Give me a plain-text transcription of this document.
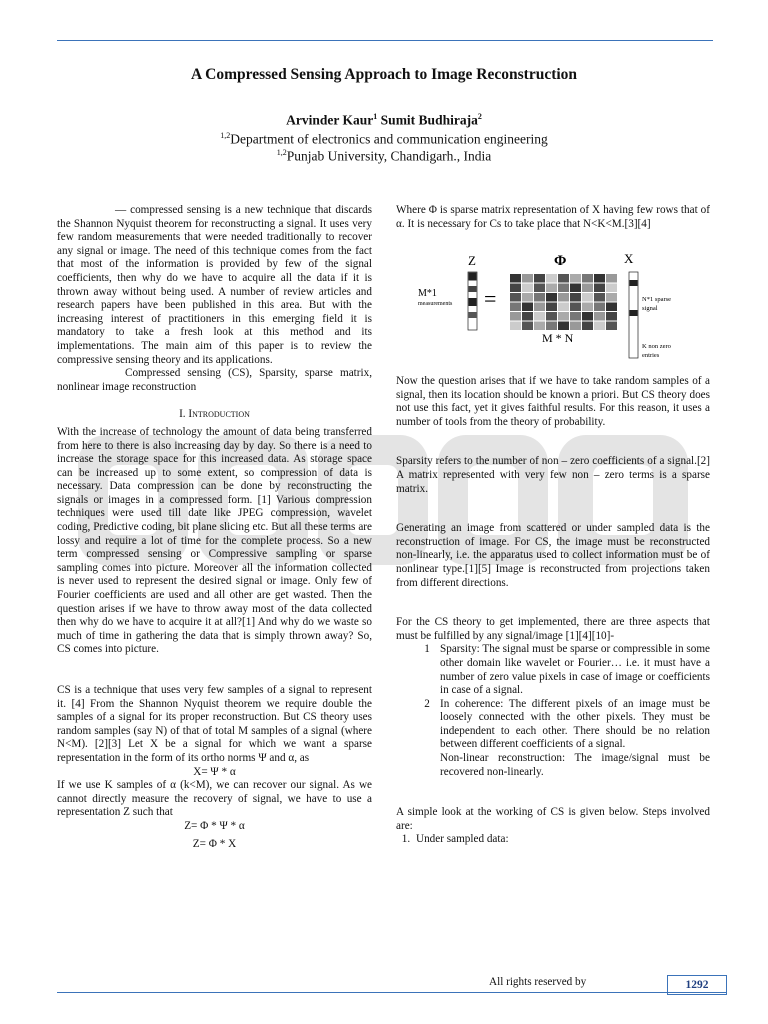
A Compressed Sensing Approach to Image Reconstruction
Arvinder Kaur$^1$ Sumit Budhiraja$^2$
$^{1,2}$Department of electronics and communication engineering
$^{1,2}$Punjab University, Chandigarh., India

— compressed sensing is a new technique that discards the Shannon Nyquist theorem for reconstructing a signal. It uses very few random measurements that were needed traditionally to recover any signal or image. The need of this technique comes from the fact that most of the information is provided by few of the signal coefficients, then why do we have to acquire all the data if it is thrown away without being used. A number of review articles and research papers have been published in this area. But with the increasing interest of practitioners in this emerging field it is mandatory to take a fresh look at this method and its implementations. The main aim of this paper is to review the compressive sensing theory and its applications.

Compressed sensing (CS), Sparsity, sparse matrix, nonlinear image reconstruction

I. Introduction

With the increase of technology the amount of data being transferred from here to there is also increasing day by day. So there is a need to increase the storage space for this increased data. As storage space can be increased up to some extent, so compression of data is necessary. Data compression can be done by reconstructing the signals or images in a compressed form. [1] Various compression techniques were used till date like JPEG compression, wavelet coding, Predictive coding, bit plane slicing etc. But all these terms are lossy and require a lot of time for the complete process. So a new term compressed sensing or Compressive sampling or sparse sampling comes into picture. Moreover all the information collected is never used to represent the desired signal or image. Only few of Fourier coefficients are used and all other are get wasted. Then the question arises if we have to throw away most of the data collected then why do we have to acquire it at all?[1] And why do we waste so much of time in gathering the data that is simply thrown away? So, CS comes into picture.

CS is a technique that uses very few samples of a signal to represent it. [4] From the Shannon Nyquist theorem we require double the samples of a signal for its proper reconstruction. But CS theory uses random samples (say N) of that of total M samples of a signal (where N<M). [2][3] Let X be a signal for which we want a sparse representation in the form of its ortho norms Ψ and α, as

X= Ψ * α

If we use K samples of α (k<M), we can recover our signal. As we cannot directly measure the recovery of signal, we have to use a representation Z such that

Z= Φ * Ψ * α

Z= Φ * X

Where Φ is sparse matrix representation of X having few rows that of α. It is necessary for Cs to take place that N<K<M.[3][4]

Z	Φ	X
M*1
measurements =
M * N
N*1 sparse
signal
K non zero
entries

Now the question arises that if we have to take random samples of a signal, then its location should be known a priori. But CS theory does not use this fact, yet it gives faithful results. For this reason, it uses a number of tools from the theory of probability.

Sparsity refers to the number of non – zero coefficients of a signal.[2] A matrix represented with very few non – zero terms is a sparse matrix.

Generating an image from scattered or under sampled data is the reconstruction of image. For CS, the image must be reconstructed non-linearly, i.e. the apparatus used to collect information must be of nonlinear type.[1][5] Image is reconstructed from projections taken from different directions.

For the CS theory to get implemented, there are three aspects that must be fulfilled by any signal/image [1][4][10]-

1 Sparsity: The signal must be sparse or compressible in some other domain like wavelet or Fourier… i.e. it must have a number of zero value pixels in case of image or coefficients in case of a signal.
2 In coherence: The different pixels of an image must be loosely connected with the other pixels. They must be independent to each other. There should be no relation between different coefficients of a signal.
Non-linear reconstruction: The image/signal must be recovered non-linearly.

A simple look at the working of CS is given below. Steps involved are:

1. Under sampled data:
All rights reserved by	1292
